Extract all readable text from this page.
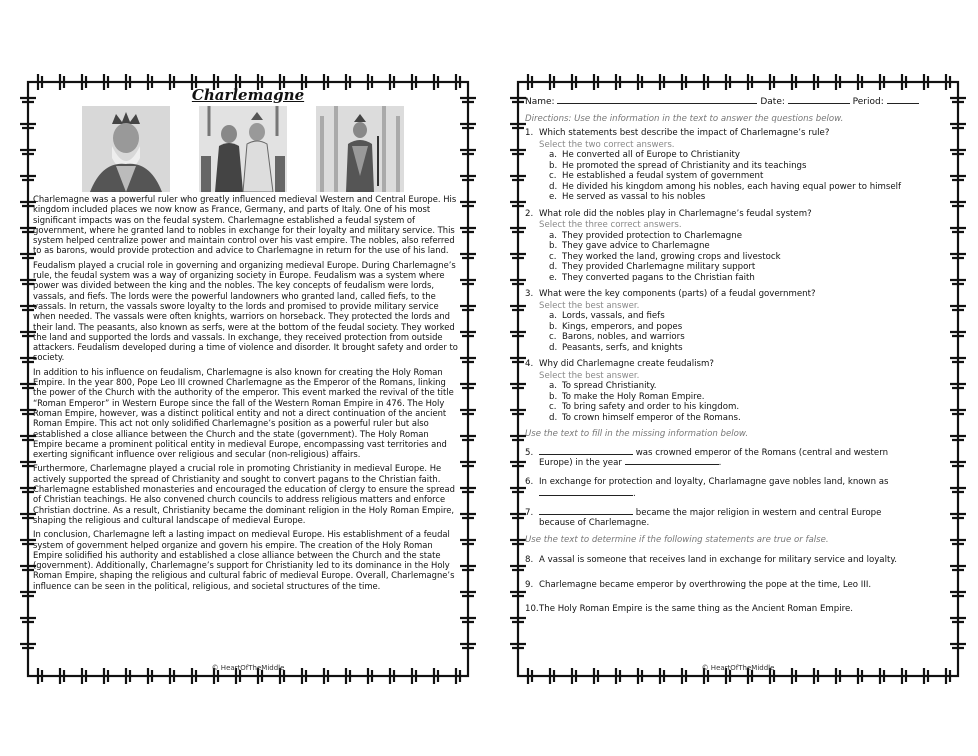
Charlemagne

Charlemagne was a powerful ruler who greatly influenced medieval Western and Central Europe. His kingdom included places we now know as France, Germany, and parts of Italy. One of his most significant impacts was on the feudal system. Charlemagne established a feudal system of government, where he granted land to nobles in exchange for their loyalty and military service. This system helped centralize power and maintain control over his vast empire. The nobles, also referred to as barons, would provide protection and advice to Charlemagne in return for the use of his land.

Feudalism played a crucial role in governing and organizing medieval Europe. During Charlemagne’s rule, the feudal system was a way of organizing society in Europe. Feudalism was a system where power was divided between the king and the nobles. The key concepts of feudalism were lords, vassals, and fiefs. The lords were the powerful landowners who granted land, called fiefs, to the vassals. In return, the vassals swore loyalty to the lords and promised to provide military service when needed. The vassals were often knights, warriors on horseback. They protected the lords and their land. The peasants, also known as serfs, were at the bottom of the feudal society. They worked the land and supported the lords and vassals. In exchange, they received protection from outside attackers. Feudalism developed during a time of violence and disorder. It brought safety and order to society.

In addition to his influence on feudalism, Charlemagne is also known for creating the Holy Roman Empire. In the year 800, Pope Leo III crowned Charlemagne as the Emperor of the Romans, linking the power of the Church with the authority of the emperor. This event marked the revival of the title “Roman Emperor” in Western Europe since the fall of the Western Roman Empire in 476. The Holy Roman Empire, however, was a distinct political entity and not a direct continuation of the ancient Roman Empire. This act not only solidified Charlemagne’s position as a powerful ruler but also established a close alliance between the Church and the state (government). The Holy Roman Empire became a prominent political entity in medieval Europe, encompassing vast territories and exerting significant influence over religious and secular (non-religious) affairs.

Furthermore, Charlemagne played a crucial role in promoting Christianity in medieval Europe. He actively supported the spread of Christianity and sought to convert pagans to the Christian faith. Charlemagne established monasteries and encouraged the education of clergy to ensure the spread of Christian teachings. He also convened church councils to address religious matters and enforce Christian doctrine. As a result, Christianity became the dominant religion in the Holy Roman Empire, shaping the religious and cultural landscape of medieval Europe.

In conclusion, Charlemagne left a lasting impact on medieval Europe. His establishment of a feudal system of government helped organize and govern his empire. The creation of the Holy Roman Empire solidified his authority and established a close alliance between the Church and the state (government). Additionally, Charlemagne’s support for Christianity led to its dominance in the Holy Roman Empire, shaping the religious and cultural fabric of medieval Europe. Overall, Charlemagne’s influence can be seen in the political, religious, and societal structures of the time.

© HeartOfTheMiddle
Name:	Date:	Period:
Directions: Use the information in the text to answer the questions below.
1. Which statements best describe the impact of Charlemagne’s rule?
Select the two correct answers.
a. He converted all of Europe to Christianity
b. He promoted the spread of Christianity and its teachings
c. He established a feudal system of government
d. He divided his kingdom among his nobles, each having equal power to himself
e. He served as vassal to his nobles
2. What role did the nobles play in Charlemagne’s feudal system?
Select the three correct answers.
a. They provided protection to Charlemagne
b. They gave advice to Charlemagne
c. They worked the land, growing crops and livestock
d. They provided Charlemagne military support
e. They converted pagans to the Christian faith
3. What were the key components (parts) of a feudal government?
Select the best answer.
a. Lords, vassals, and fiefs
b. Kings, emperors, and popes
c. Barons, nobles, and warriors
d. Peasants, serfs, and knights
4. Why did Charlemagne create feudalism?
Select the best answer.
a. To spread Christianity.
b. To make the Holy Roman Empire.
c. To bring safety and order to his kingdom.
d. To crown himself emperor of the Romans.
Use the text to fill in the missing information below.
5.	was crowned emperor of the Romans (central and western
Europe) in the year	.
6. In exchange for protection and loyalty, Charlamagne gave nobles land, known as
.
7.	became the major religion in western and central Europe
because of Charlemagne.
Use the text to determine if the following statements are true or false.
8. A vassal is someone that receives land in exchange for military service and loyalty.
9. Charlemagne became emperor by overthrowing the pope at the time, Leo III.
10. The Holy Roman Empire is the same thing as the Ancient Roman Empire.
© HeartOfTheMiddle
